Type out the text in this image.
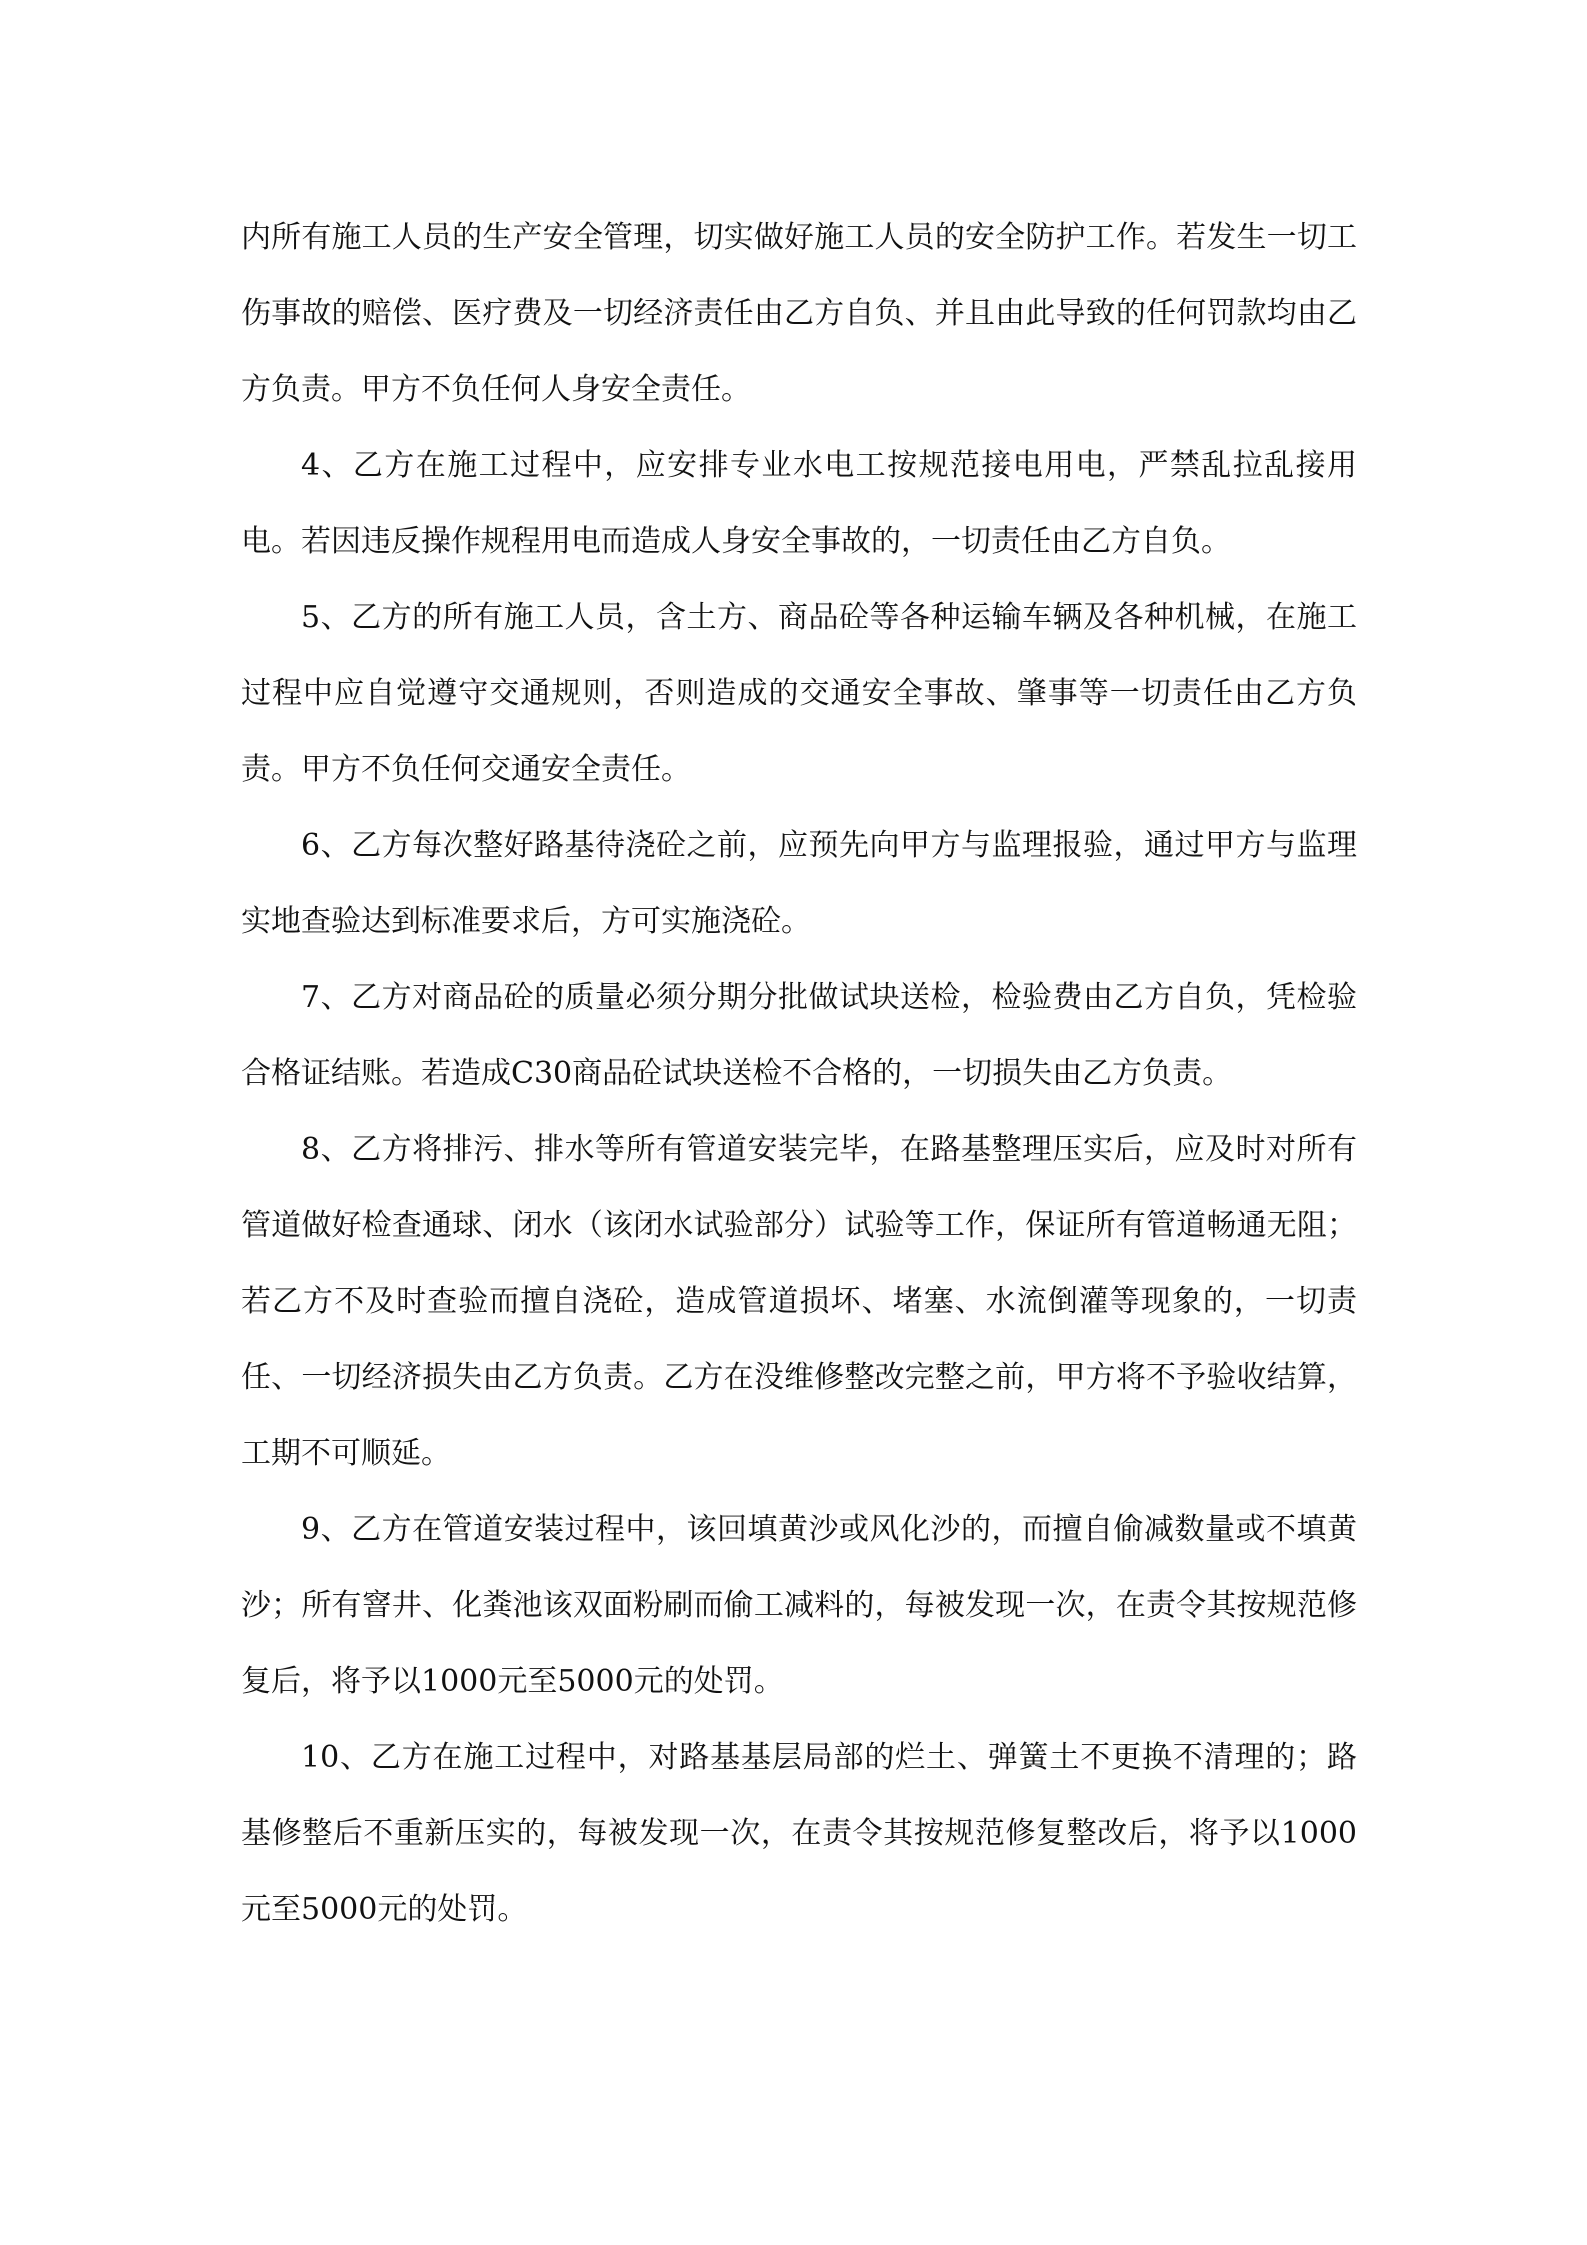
内所有施工人员的生产安全管理，切实做好施工人员的安全防护工作。若发生一切工伤事故的赔偿、医疗费及一切经济责任由乙方自负、并且由此导致的任何罚款均由乙方负责。甲方不负任何人身安全责任。

4、乙方在施工过程中，应安排专业水电工按规范接电用电，严禁乱拉乱接用电。若因违反操作规程用电而造成人身安全事故的，一切责任由乙方自负。

5、乙方的所有施工人员，含土方、商品砼等各种运输车辆及各种机械，在施工过程中应自觉遵守交通规则，否则造成的交通安全事故、肇事等一切责任由乙方负责。甲方不负任何交通安全责任。

6、乙方每次整好路基待浇砼之前，应预先向甲方与监理报验，通过甲方与监理实地查验达到标准要求后，方可实施浇砼。

7、乙方对商品砼的质量必须分期分批做试块送检，检验费由乙方自负，凭检验合格证结账。若造成C30商品砼试块送检不合格的，一切损失由乙方负责。

8、乙方将排污、排水等所有管道安装完毕，在路基整理压实后，应及时对所有管道做好检查通球、闭水（该闭水试验部分）试验等工作，保证所有管道畅通无阻；若乙方不及时查验而擅自浇砼，造成管道损坏、堵塞、水流倒灌等现象的，一切责任、一切经济损失由乙方负责。乙方在没维修整改完整之前，甲方将不予验收结算，工期不可顺延。

9、乙方在管道安装过程中，该回填黄沙或风化沙的，而擅自偷减数量或不填黄沙；所有窨井、化粪池该双面粉刷而偷工减料的，每被发现一次，在责令其按规范修复后，将予以1000元至5000元的处罚。

10、乙方在施工过程中，对路基基层局部的烂土、弹簧土不更换不清理的；路基修整后不重新压实的，每被发现一次，在责令其按规范修复整改后，将予以1000元至5000元的处罚。
